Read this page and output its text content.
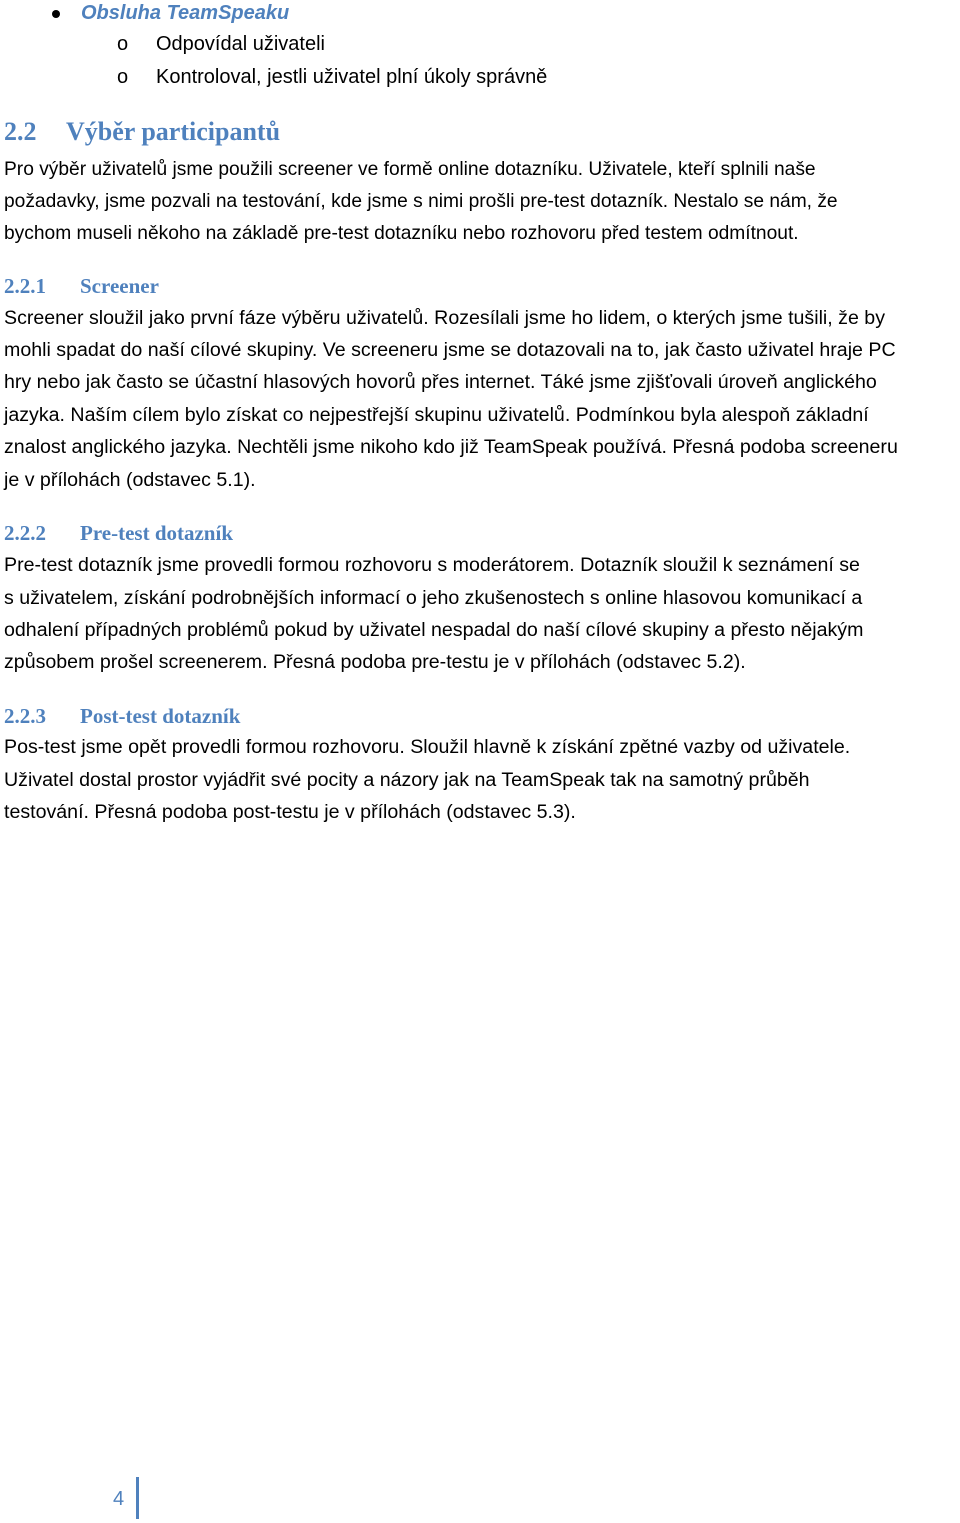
Obsluha TeamSpeaku
o Odpovídal uživateli
o Kontroloval, jestli uživatel plní úkoly správně
2.2 Výběr participantů
Pro výběr uživatelů jsme použili screener ve formě online dotazníku. Uživatele, kteří splnili naše
požadavky, jsme pozvali na testování, kde jsme s nimi prošli pre-test dotazník. Nestalo se nám, že
bychom museli někoho na základě pre-test dotazníku nebo rozhovoru před testem odmítnout.
2.2.1 Screener
Screener sloužil jako první fáze výběru uživatelů. Rozesílali jsme ho lidem, o kterých jsme tušili, že by
mohli spadat do naší cílové skupiny. Ve screeneru jsme se dotazovali na to, jak často uživatel hraje PC
hry nebo jak často se účastní hlasových hovorů přes internet. Táké jsme zjišťovali úroveň anglického
jazyka. Naším cílem bylo získat co nejpestřejší skupinu uživatelů. Podmínkou byla alespoň základní
znalost anglického jazyka. Nechtěli jsme nikoho kdo již TeamSpeak používá. Přesná podoba screeneru
je v přílohách (odstavec 5.1).
2.2.2 Pre-test dotazník
Pre-test dotazník jsme provedli formou rozhovoru s moderátorem. Dotazník sloužil k seznámení se
s uživatelem, získání podrobnějších informací o jeho zkušenostech s online hlasovou komunikací a
odhalení případných problémů pokud by uživatel nespadal do naší cílové skupiny a přesto nějakým
způsobem prošel screenerem. Přesná podoba pre-testu je v přílohách (odstavec 5.2).
2.2.3 Post-test dotazník
Pos-test jsme opět provedli formou rozhovoru. Sloužil hlavně k získání zpětné vazby od uživatele.
Uživatel dostal prostor vyjádřit své pocity a názory jak na TeamSpeak tak na samotný průběh
testování. Přesná podoba post-testu je v přílohách (odstavec 5.3).
4
